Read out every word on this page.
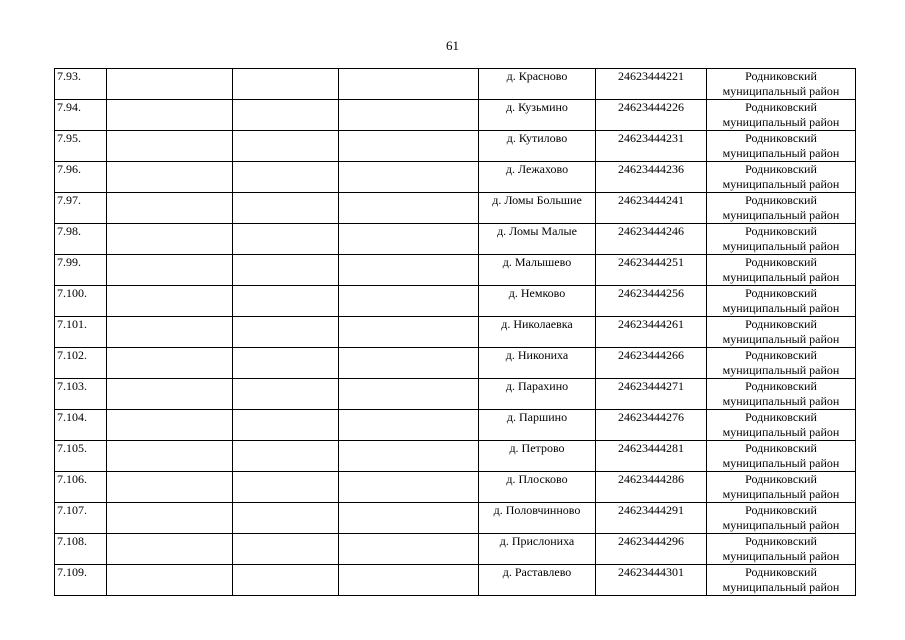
61
7.93.				д. Красново	24623444221	Родниковский
муниципальный район

7.94.				д. Кузьмино	24623444226	Родниковский
муниципальный район

7.95.				д. Кутилово	24623444231	Родниковский
муниципальный район

7.96.				д. Лежахово	24623444236	Родниковский
муниципальный район

7.97.				д. Ломы Большие	24623444241	Родниковский
муниципальный район

7.98.				д. Ломы Малые	24623444246	Родниковский
муниципальный район

7.99.				д. Малышево	24623444251	Родниковский
муниципальный район

7.100.				д. Немково	24623444256	Родниковский
муниципальный район

7.101.				д. Николаевка	24623444261	Родниковский
муниципальный район

7.102.				д. Никониха	24623444266	Родниковский
муниципальный район

7.103.				д. Парахино	24623444271	Родниковский
муниципальный район

7.104.				д. Паршино	24623444276	Родниковский
муниципальный район

7.105.				д. Петрово	24623444281	Родниковский
муниципальный район

7.106.				д. Плосково	24623444286	Родниковский
муниципальный район

7.107.				д. Половчинново	24623444291	Родниковский
муниципальный район

7.108.				д. Прислониха	24623444296	Родниковский
муниципальный район

7.109.				д. Раставлево	24623444301	Родниковский
муниципальный район
